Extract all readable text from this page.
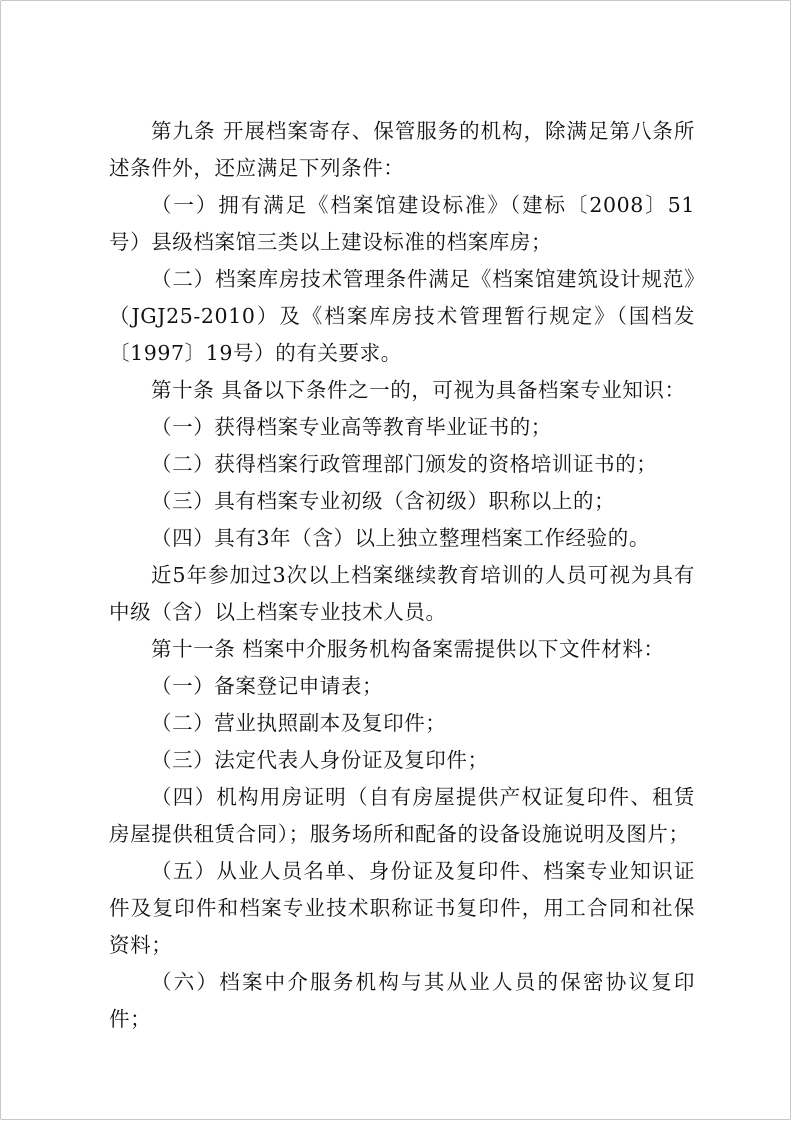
第九条 开展档案寄存、保管服务的机构，除满足第八条所述条件外，还应满足下列条件：

（一）拥有满足《档案馆建设标准》（建标〔2008〕51号）县级档案馆三类以上建设标准的档案库房；

（二）档案库房技术管理条件满足《档案馆建筑设计规范》（JGJ25-2010）及《档案库房技术管理暂行规定》（国档发〔1997〕19号）的有关要求。

第十条 具备以下条件之一的，可视为具备档案专业知识：

（一）获得档案专业高等教育毕业证书的；

（二）获得档案行政管理部门颁发的资格培训证书的；

（三）具有档案专业初级（含初级）职称以上的；

（四）具有3年（含）以上独立整理档案工作经验的。

近5年参加过3次以上档案继续教育培训的人员可视为具有中级（含）以上档案专业技术人员。

第十一条 档案中介服务机构备案需提供以下文件材料：

（一）备案登记申请表；

（二）营业执照副本及复印件；

（三）法定代表人身份证及复印件；

（四）机构用房证明（自有房屋提供产权证复印件、租赁房屋提供租赁合同）；服务场所和配备的设备设施说明及图片；

（五）从业人员名单、身份证及复印件、档案专业知识证件及复印件和档案专业技术职称证书复印件，用工合同和社保资料；

（六）档案中介服务机构与其从业人员的保密协议复印件；
